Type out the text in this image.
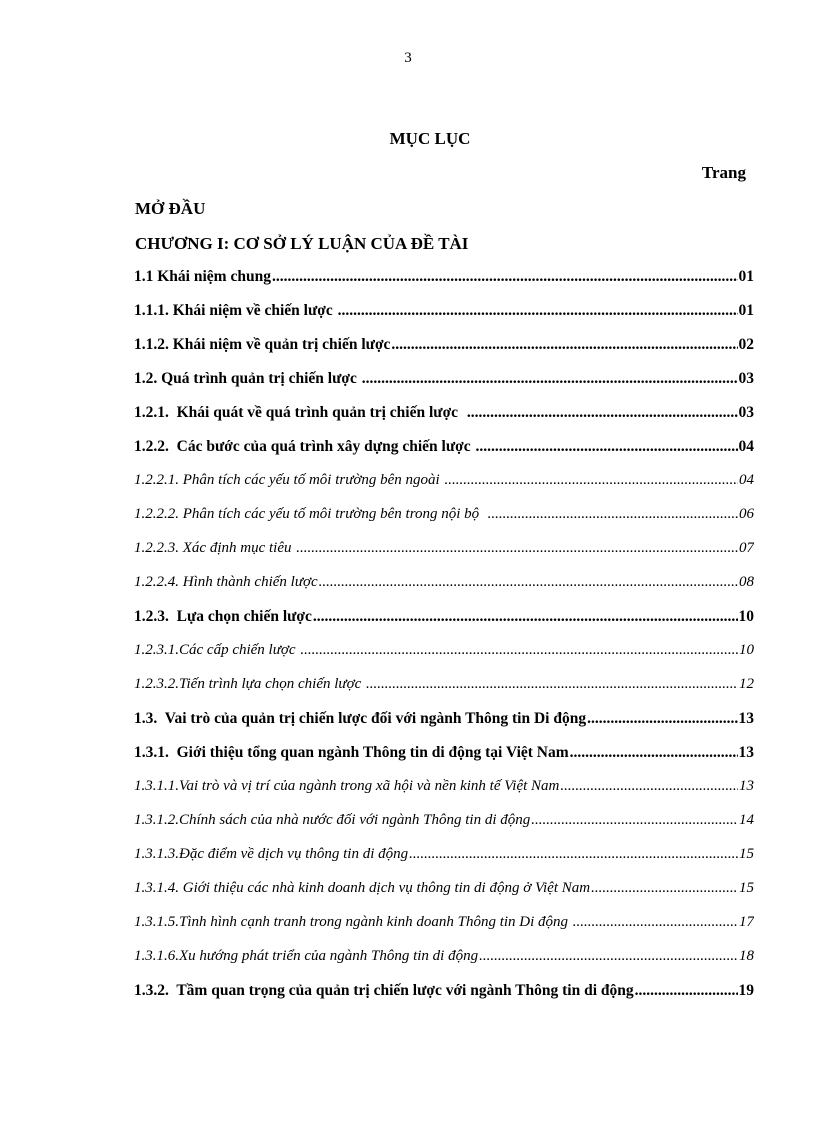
3
MỤC LỤC
Trang
MỞ ĐẦU
CHƯƠNG I: CƠ SỞ LÝ LUẬN CỦA ĐỀ TÀI
1.1 Khái niệm chung .....	01
1.1.1. Khái niệm về chiến lược .....	01
1.1.2. Khái niệm về quản trị chiến lược .....	02
1.2. Quá trình quản trị chiến lược .....	03
1.2.1.  Khái quát về quá trình quản trị chiến lược .....	03
1.2.2.  Các bước của quá trình xây dựng chiến lược .....	04
1.2.2.1. Phân tích các yếu tố môi trường bên ngoài .....	04
1.2.2.2. Phân tích các yếu tố môi trường bên trong nội bộ .....	06
1.2.2.3. Xác định mục tiêu .....	07
1.2.2.4. Hình thành chiến lược .....	08
1.2.3.  Lựa chọn chiến lược .....	10
1.2.3.1.Các cấp chiến lược .....	10
1.2.3.2.Tiến trình lựa chọn chiến lược .....	12
1.3.  Vai trò của quản trị chiến lược đối với ngành Thông tin Di động .....	13
1.3.1.  Giới thiệu tổng quan ngành Thông tin di động tại Việt Nam .....	13
1.3.1.1.Vai trò và vị trí của ngành trong xã hội và nền kinh tế Việt Nam .....	13
1.3.1.2.Chính sách của nhà nước đối với ngành Thông tin di động .....	14
1.3.1.3.Đặc điểm về dịch vụ thông tin di động .....	15
1.3.1.4. Giới thiệu các nhà kinh doanh dịch vụ thông tin di động ở Việt Nam .....	15
1.3.1.5.Tình hình cạnh tranh trong ngành kinh doanh Thông tin Di động .....	17
1.3.1.6.Xu hướng phát triển của ngành Thông tin di động .....	18
1.3.2.  Tầm quan trọng của quản trị chiến lược với ngành Thông tin di động .....	19
